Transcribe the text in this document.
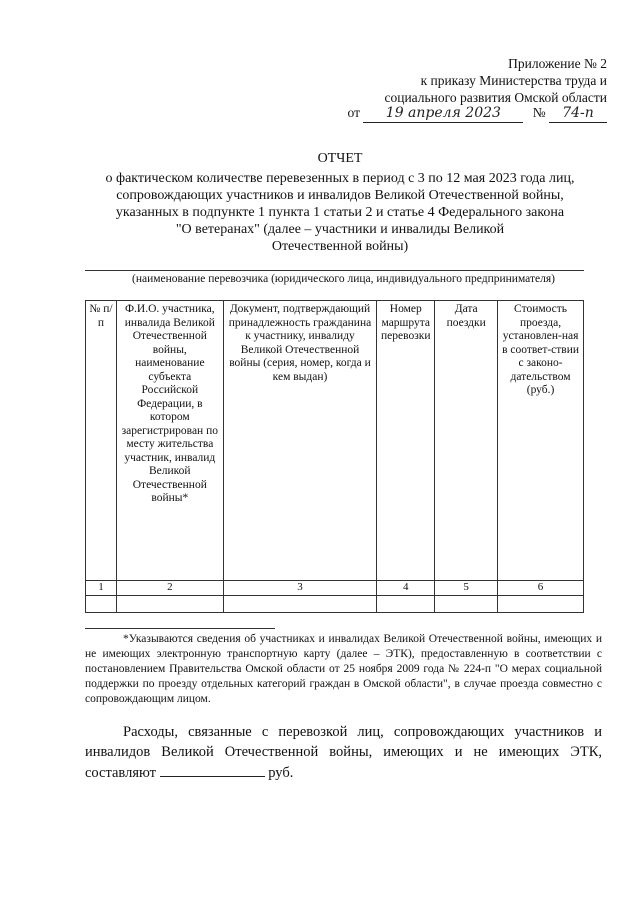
Приложение № 2
к приказу Министерства труда и
социального развития Омской области
от 19 апреля 2023 № 74-п
ОТЧЕТ
о фактическом количестве перевезенных в период с 3 по 12 мая 2023 года лиц,
сопровождающих участников и инвалидов Великой Отечественной войны,
указанных в подпункте 1 пункта 1 статьи 2 и статье 4 Федерального закона
"О ветеранах" (далее – участники и инвалиды Великой
Отечественной войны)
(наименование перевозчика (юридического лица, индивидуального предпринимателя)
№ п/п	Ф.И.О. участника, инвалида Великой Отечественной войны, наименование субъекта Российской Федерации, в котором зарегистрирован по месту жительства участник, инвалид Великой Отечественной войны*	Документ, подтверждающий принадлежность гражданина к участнику, инвалиду Великой Отечественной войны (серия, номер, когда и кем выдан)	Номер маршрута перевозки	Дата поездки	Стоимость проезда, установлен-ная в соответ-ствии с законо-дательством (руб.)
1	2	3	4	5	6

*Указываются сведения об участниках и инвалидах Великой Отечественной войны, имеющих и не имеющих электронную транспортную карту (далее – ЭТК), предоставленную в соответствии с постановлением Правительства Омской области от 25 ноября 2009 года № 224-п "О мерах социальной поддержки по проезду отдельных категорий граждан в Омской области", в случае проезда совместно с сопровождающим лицом.
Расходы, связанные с перевозкой лиц, сопровождающих участников и инвалидов Великой Отечественной войны, имеющих и не имеющих ЭТК, составляют	руб.
